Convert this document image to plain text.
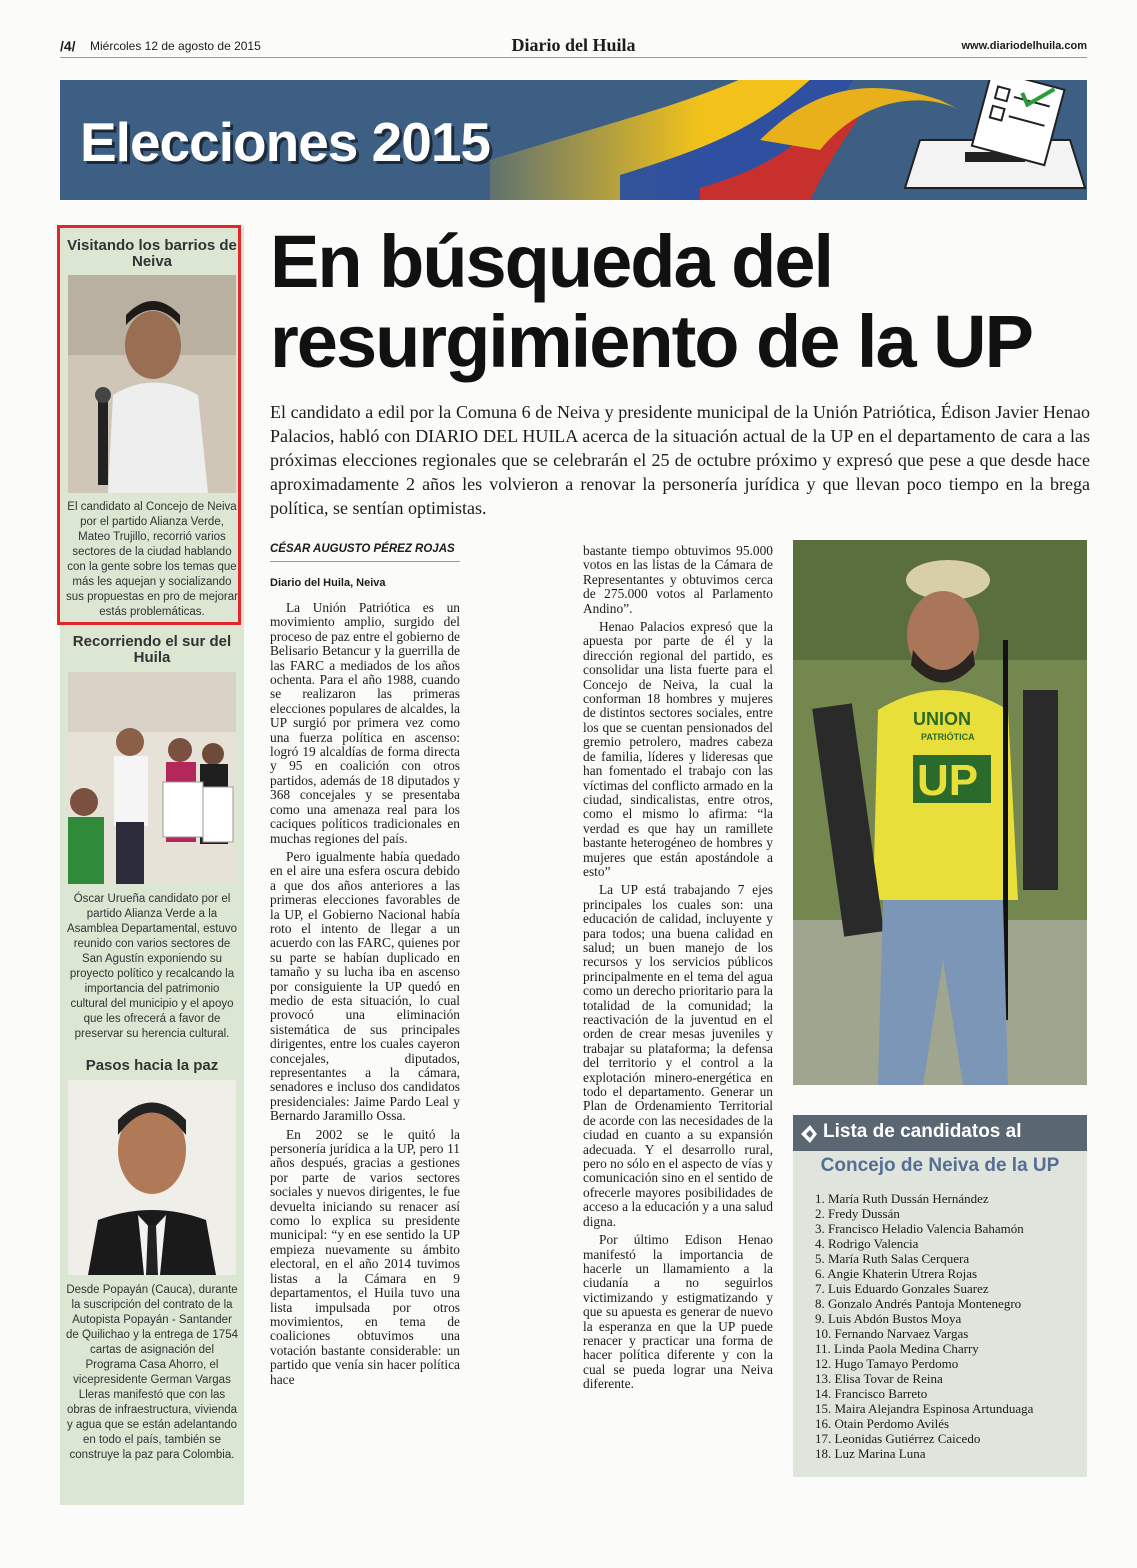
/4/ Miércoles 12 de agosto de 2015	Diario del Huila	www.diariodelhuila.com
Elecciones 2015
Visitando los barrios de Neiva
El candidato al Concejo de Neiva por el partido Alianza Verde, Mateo Trujillo, recorrió varios sectores de la ciudad hablando con la gente sobre los temas que más les aquejan y socializando sus propuestas en pro de mejorar estás problemáticas.
Recorriendo el sur del Huila
Óscar Urueña candidato por el partido Alianza Verde a la Asamblea Departamental, estuvo reunido con varios sectores de San Agustín exponiendo su proyecto político y recalcando la importancia del patrimonio cultural del municipio y el apoyo que les ofrecerá a favor de preservar su herencia cultural.
Pasos hacia la paz
Desde Popayán (Cauca), durante la suscripción del contrato de la Autopista Popayán - Santander de Quilichao y la entrega de 1754 cartas de asignación del Programa Casa Ahorro, el vicepresidente German Vargas Lleras manifestó que con las obras de infraestructura, vivienda y agua que se están adelantando en todo el país, también se construye la paz para Colombia.
En búsqueda del
resurgimiento de la UP

El candidato a edil por la Comuna 6 de Neiva y presidente municipal de la Unión Patriótica, Édison Javier Henao Palacios, habló con DIARIO DEL HUILA acerca de la situación actual de la UP en el departamento de cara a las próximas elecciones regionales que se celebrarán el 25 de octubre próximo y expresó que pese a que desde hace aproximadamente 2 años les volvieron a renovar la personería jurídica y que llevan poco tiempo en la brega política, se sentían optimistas.

CÉSAR AUGUSTO PÉREZ ROJAS
Diario del Huila, Neiva

La Unión Patriótica es un movimiento amplio, surgido del proceso de paz entre el gobierno de Belisario Betancur y la guerrilla de las FARC a mediados de los años ochenta. Para el año 1988, cuando se realizaron las primeras elecciones populares de alcaldes, la UP surgió por primera vez como una fuerza política en ascenso: logró 19 alcaldías de forma directa y 95 en coalición con otros partidos, además de 18 diputados y 368 concejales y se presentaba como una amenaza real para los caciques políticos tradicionales en muchas regiones del país.

Pero igualmente había quedado en el aire una esfera oscura debido a que dos años anteriores a las primeras elecciones favorables de la UP, el Gobierno Nacional había roto el intento de llegar a un acuerdo con las FARC, quienes por su parte se habían duplicado en tamaño y su lucha iba en ascenso por consiguiente la UP quedó en medio de esta situación, lo cual provocó una eliminación sistemática de sus principales dirigentes, entre los cuales cayeron concejales, diputados, representantes a la cámara, senadores e incluso dos candidatos presidenciales: Jaime Pardo Leal y Bernardo Jaramillo Ossa.

En 2002 se le quitó la personería jurídica a la UP, pero 11 años después, gracias a gestiones por parte de varios sectores sociales y nuevos dirigentes, le fue devuelta iniciando su renacer así como lo explica su presidente municipal: “y en ese sentido la UP empieza nuevamente su ámbito electoral, en el año 2014 tuvimos listas a la Cámara en 9 departamentos, el Huila tuvo una lista impulsada por otros movimientos, en tema de coaliciones obtuvimos una votación bastante considerable: un partido que venía sin hacer política hace

bastante tiempo obtuvimos 95.000 votos en las listas de la Cámara de Representantes y obtuvimos cerca de 275.000 votos al Parlamento Andino”.

Henao Palacios expresó que la apuesta por parte de él y la dirección regional del partido, es consolidar una lista fuerte para el Concejo de Neiva, la cual la conforman 18 hombres y mujeres de distintos sectores sociales, entre los que se cuentan pensionados del gremio petrolero, madres cabeza de familia, líderes y lideresas que han fomentado el trabajo con las víctimas del conflicto armado en la ciudad, sindicalistas, entre otros, como el mismo lo afirma: “la verdad es que hay un ramillete bastante heterogéneo de hombres y mujeres que están apostándole a esto”

La UP está trabajando 7 ejes principales los cuales son: una educación de calidad, incluyente y para todos; una buena calidad en salud; un buen manejo de los recursos y los servicios públicos principalmente en el tema del agua como un derecho prioritario para la totalidad de la comunidad; la reactivación de la juventud en el orden de crear mesas juveniles y trabajar su plataforma; la defensa del territorio y el control a la explotación minero-energética en todo el departamento. Generar un Plan de Ordenamiento Territorial de acorde con las necesidades de la ciudad en cuanto a su expansión adecuada. Y el desarrollo rural, pero no sólo en el aspecto de vías y comunicación sino en el sentido de ofrecerle mayores posibilidades de acceso a la educación y a una salud digna.

Por último Edison Henao manifestó la importancia de hacerle un llamamiento a la ciudanía a no seguirlos victimizando y estigmatizando y que su apuesta es generar de nuevo la esperanza en que la UP puede renacer y practicar una forma de hacer política diferente y con la cual se pueda lograr una Neiva diferente.

UNION
PATRIÓTICA
UP
Lista de candidatos al
Concejo de Neiva de la UP
1. María Ruth Dussán Hernández
2. Fredy Dussán
3. Francisco Heladio Valencia Bahamón
4. Rodrigo Valencia
5. María Ruth Salas Cerquera
6. Angie Khaterin Utrera Rojas
7. Luis Eduardo Gonzales Suarez
8. Gonzalo Andrés Pantoja Montenegro
9. Luis Abdón Bustos Moya
10. Fernando Narvaez Vargas
11. Linda Paola Medina Charry
12. Hugo Tamayo Perdomo
13. Elisa Tovar de Reina
14. Francisco Barreto
15. Maira Alejandra Espinosa Artunduaga
16. Otain Perdomo Avilés
17. Leonidas Gutiérrez Caicedo
18. Luz Marina Luna
